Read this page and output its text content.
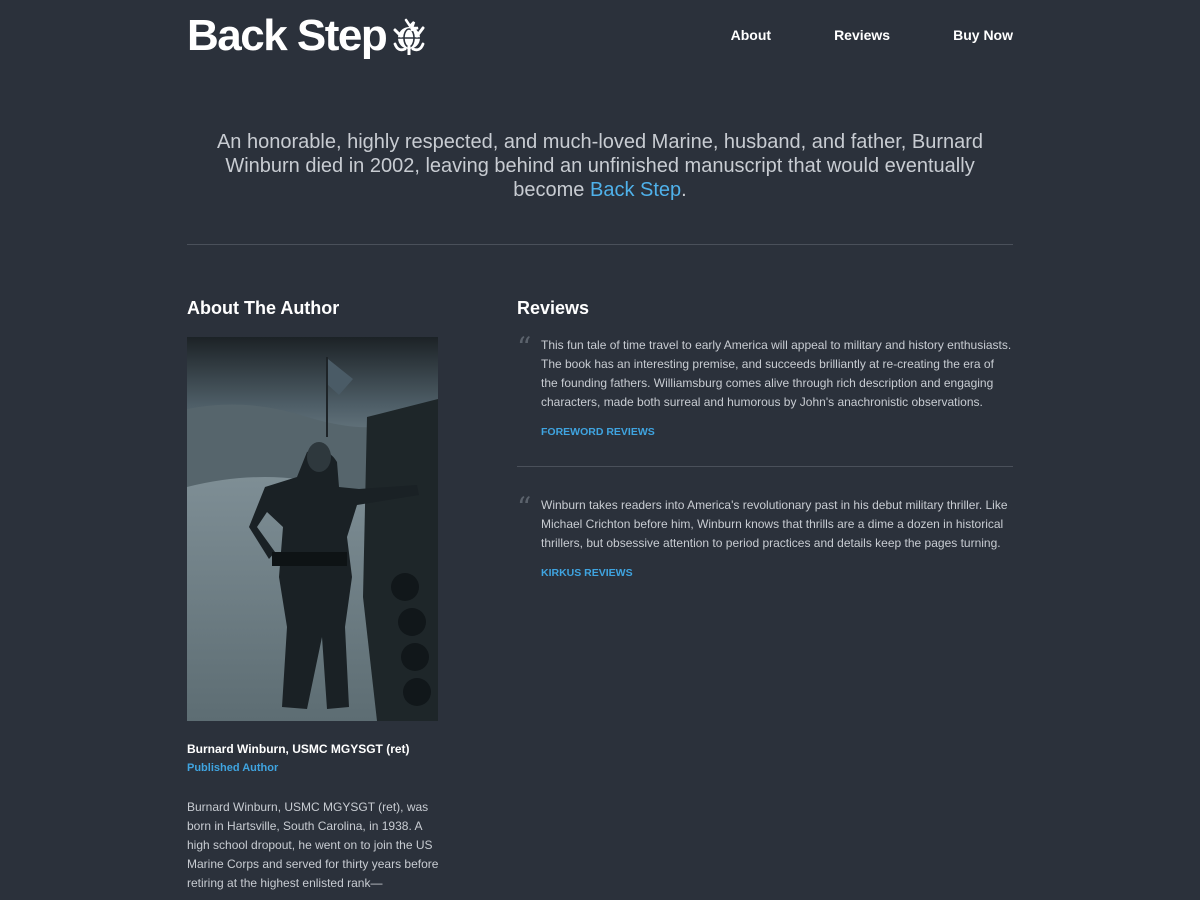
Back Step	About	Reviews	Buy Now
An honorable, highly respected, and much-loved Marine, husband, and father, Burnard Winburn died in 2002, leaving behind an unfinished manuscript that would eventually become Back Step.
About The Author
Burnard Winburn, USMC MGYSGT (ret)
Published Author
Burnard Winburn, USMC MGYSGT (ret), was born in Hartsville, South Carolina, in 1938. A high school dropout, he went on to join the US Marine Corps and served for thirty years before retiring at the highest enlisted rank—
Reviews
“ This fun tale of time travel to early America will appeal to military and history enthusiasts. The book has an interesting premise, and succeeds brilliantly at re-creating the era of the founding fathers. Williamsburg comes alive through rich description and engaging characters, made both surreal and humorous by John's anachronistic observations.

FOREWORD REVIEWS
“ Winburn takes readers into America's revolutionary past in his debut military thriller. Like Michael Crichton before him, Winburn knows that thrills are a dime a dozen in historical thrillers, but obsessive attention to period practices and details keep the pages turning.

KIRKUS REVIEWS
